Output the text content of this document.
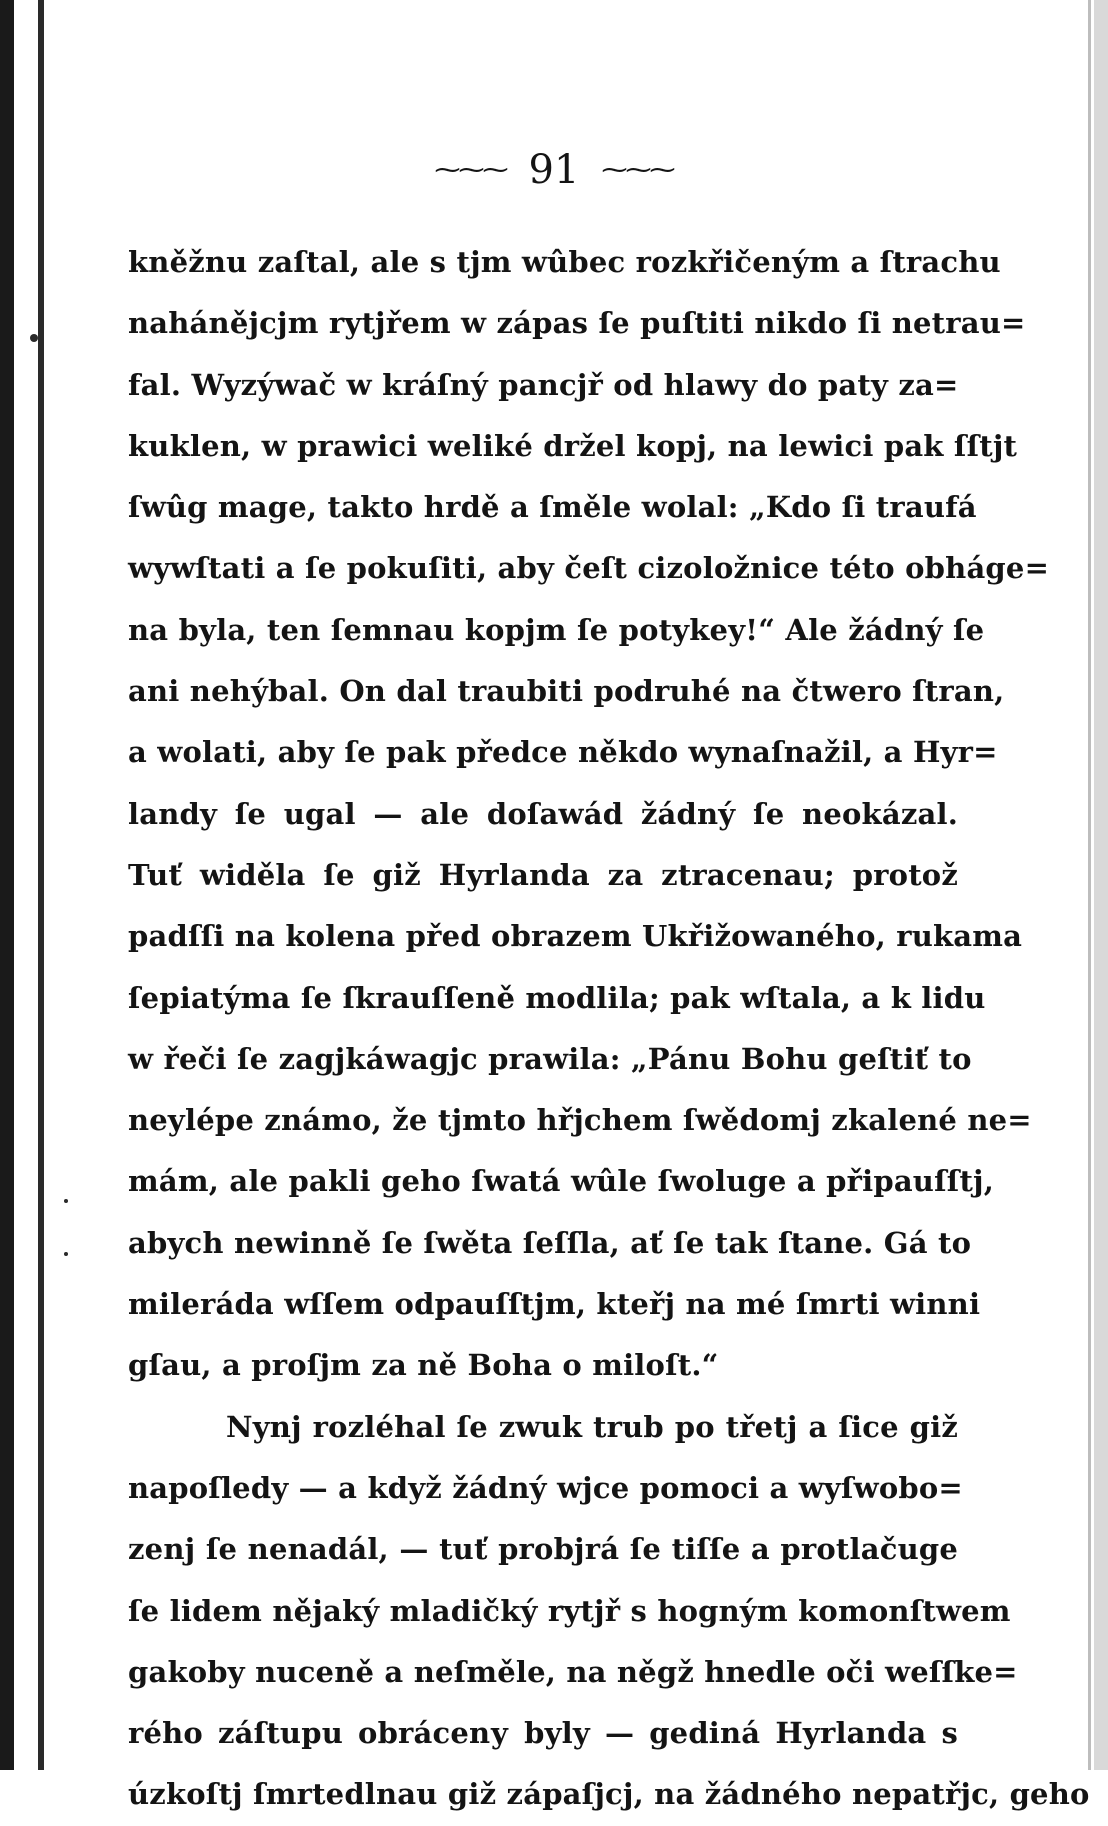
⁓⁓⁓ 91 ⁓⁓⁓
kněžnu zaſtal, ale s tjm wûbec rozkřičeným a ſtrachu
nahánějcjm rytjřem w zápas ſe puſtiti nikdo ſi netrau=
fal. Wyzýwač w kráſný pancjř od hlawy do paty za=
kuklen, w prawici weliké držel kopj, na lewici pak ſſtjt
ſwûg mage, takto hrdě a ſměle wolal: „Kdo ſi traufá
wywſtati a ſe pokuſiti, aby čeſt cizoložnice této obháge=
na byla, ten ſemnau kopjm ſe potykey!“ Ale žádný ſe
ani nehýbal. On dal traubiti podruhé na čtwero ſtran,
a wolati, aby ſe pak předce někdo wynaſnažil, a Hyr=
landy ſe ugal — ale doſawád žádný ſe neokázal.
Tuť widěla ſe giž Hyrlanda za ztracenau; protož
padſſi na kolena před obrazem Ukřižowaného, rukama
ſepiatýma ſe ſkrauſſeně modlila; pak wſtala, a k lidu
w řeči ſe zagjkáwagjc prawila: „Pánu Bohu geſtiť to
neylépe známo, že tjmto hřjchem ſwědomj zkalené ne=
mám, ale pakli geho ſwatá wûle ſwoluge a připauſſtj,
abych newinně ſe ſwěta ſeſſla, ať ſe tak ſtane. Gá to
milerádа wſſem odpauſſtjm, kteřj na mé ſmrti winni
gſau, a proſjm za ně Boha o miloſt.“
Nynj rozléhal ſe zwuk trub po třetj a ſice giž
napoſledy — a když žádný wjce pomoci a wyſwobo=
zenj ſe nenadál, — tuť probjrá ſe tiſſe a protlačuge
ſe lidem nějaký mladičký rytjř s hogným komonſtwem
gakoby nuceně a neſměle, na něgž hnedle oči weſſke=
rého záſtupu obrácenу byly — gediná Hyrlanda s
úzkoſtj ſmrtedlnau giž zápaſjcj, na žádného nepatřjc, geho
